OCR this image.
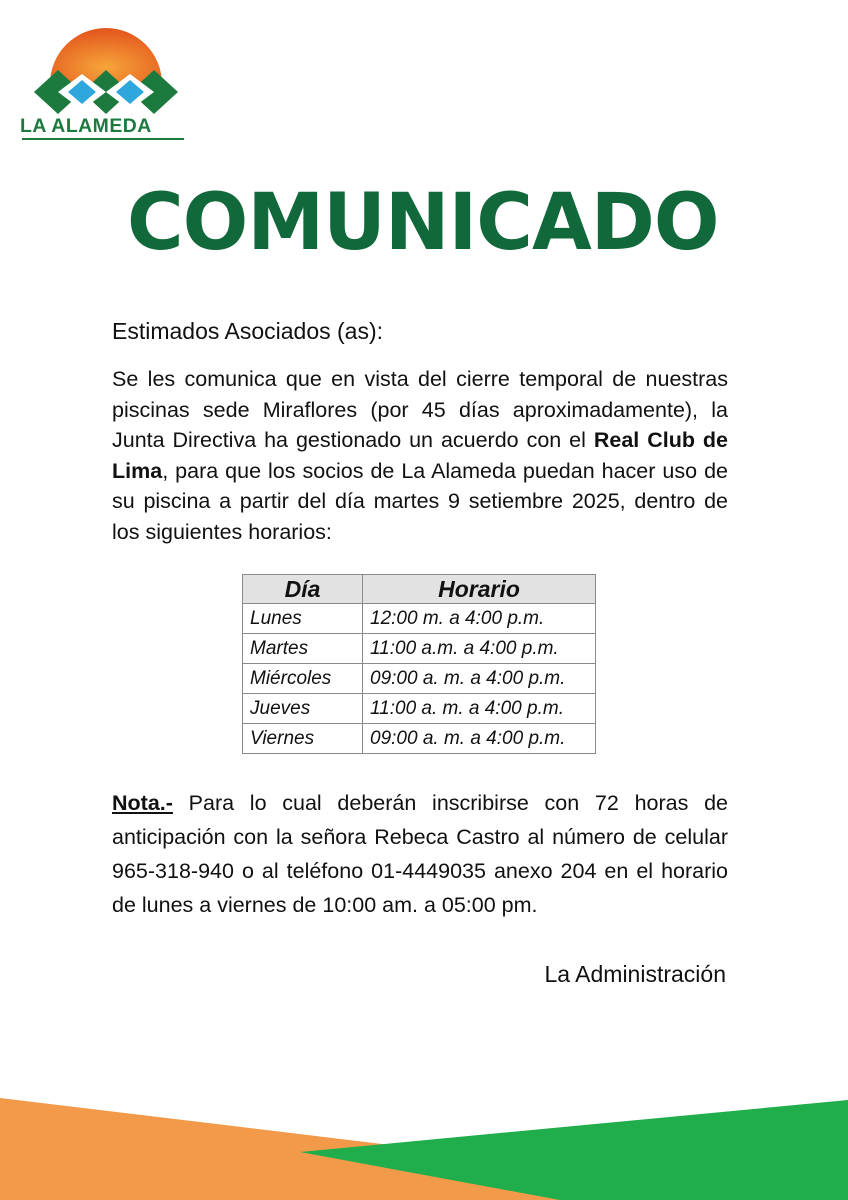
LA ALAMEDA
COMUNICADO
Estimados Asociados (as):
Se les comunica que en vista del cierre temporal de nuestras piscinas sede Miraflores (por 45 días aproximadamente), la Junta Directiva ha gestionado un acuerdo con el Real Club de Lima, para que los socios de La Alameda puedan hacer uso de su piscina a partir del día martes 9 setiembre 2025, dentro de los siguientes horarios:
Día	Horario
Lunes	12:00 m. a 4:00 p.m.
Martes	11:00 a.m. a 4:00 p.m.
Miércoles	09:00 a. m. a 4:00 p.m.
Jueves	11:00 a. m. a 4:00 p.m.
Viernes	09:00 a. m. a 4:00 p.m.
Nota.- Para lo cual deberán inscribirse con 72 horas de anticipación con la señora Rebeca Castro al número de celular 965-318-940 o al teléfono 01-4449035 anexo 204 en el horario de lunes a viernes de 10:00 am. a 05:00 pm.
La Administración
